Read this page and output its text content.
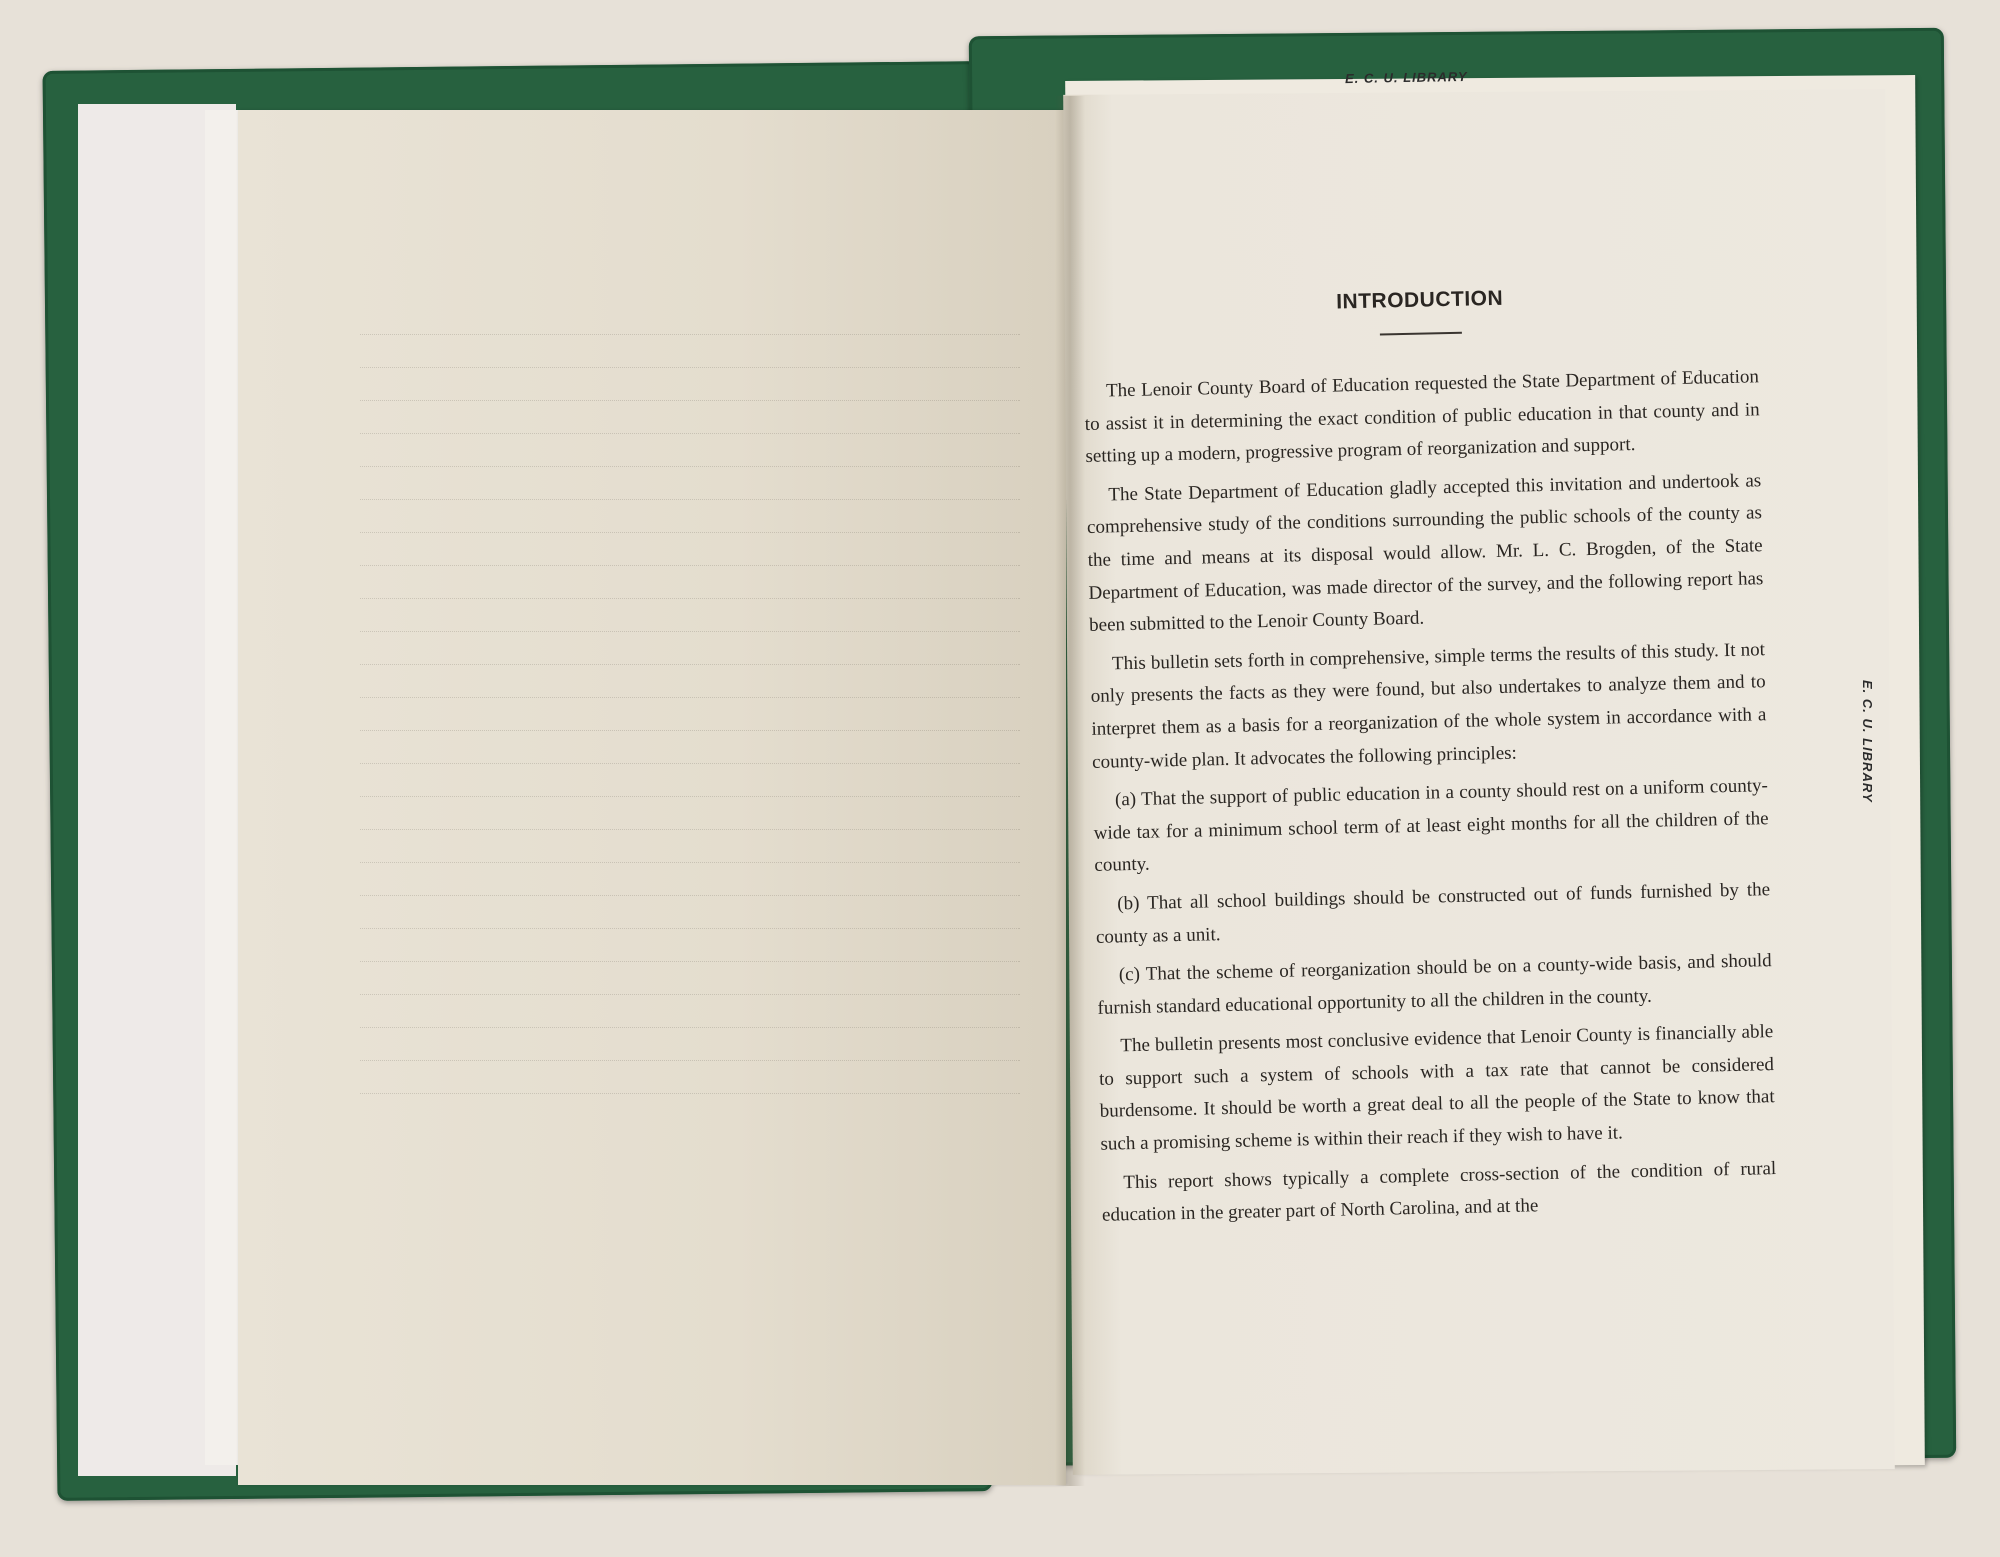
E. C. U. LIBRARY
E. C. U. LIBRARY
INTRODUCTION

The Lenoir County Board of Education requested the State Department of Education to assist it in determining the exact condition of public education in that county and in setting up a modern, progressive program of reorganization and support.

The State Department of Education gladly accepted this invitation and undertook as comprehensive study of the conditions surrounding the public schools of the county as the time and means at its disposal would allow. Mr. L. C. Brogden, of the State Department of Education, was made director of the survey, and the following report has been submitted to the Lenoir County Board.

This bulletin sets forth in comprehensive, simple terms the results of this study. It not only presents the facts as they were found, but also undertakes to analyze them and to interpret them as a basis for a reorganization of the whole system in accordance with a county-wide plan. It advocates the following principles:

(a) That the support of public education in a county should rest on a uniform county-wide tax for a minimum school term of at least eight months for all the children of the county.

(b) That all school buildings should be constructed out of funds furnished by the county as a unit.

(c) That the scheme of reorganization should be on a county-wide basis, and should furnish standard educational opportunity to all the children in the county.

The bulletin presents most conclusive evidence that Lenoir County is financially able to support such a system of schools with a tax rate that cannot be considered burdensome. It should be worth a great deal to all the people of the State to know that such a promising scheme is within their reach if they wish to have it.

This report shows typically a complete cross-section of the condition of rural education in the greater part of North Carolina, and at the
